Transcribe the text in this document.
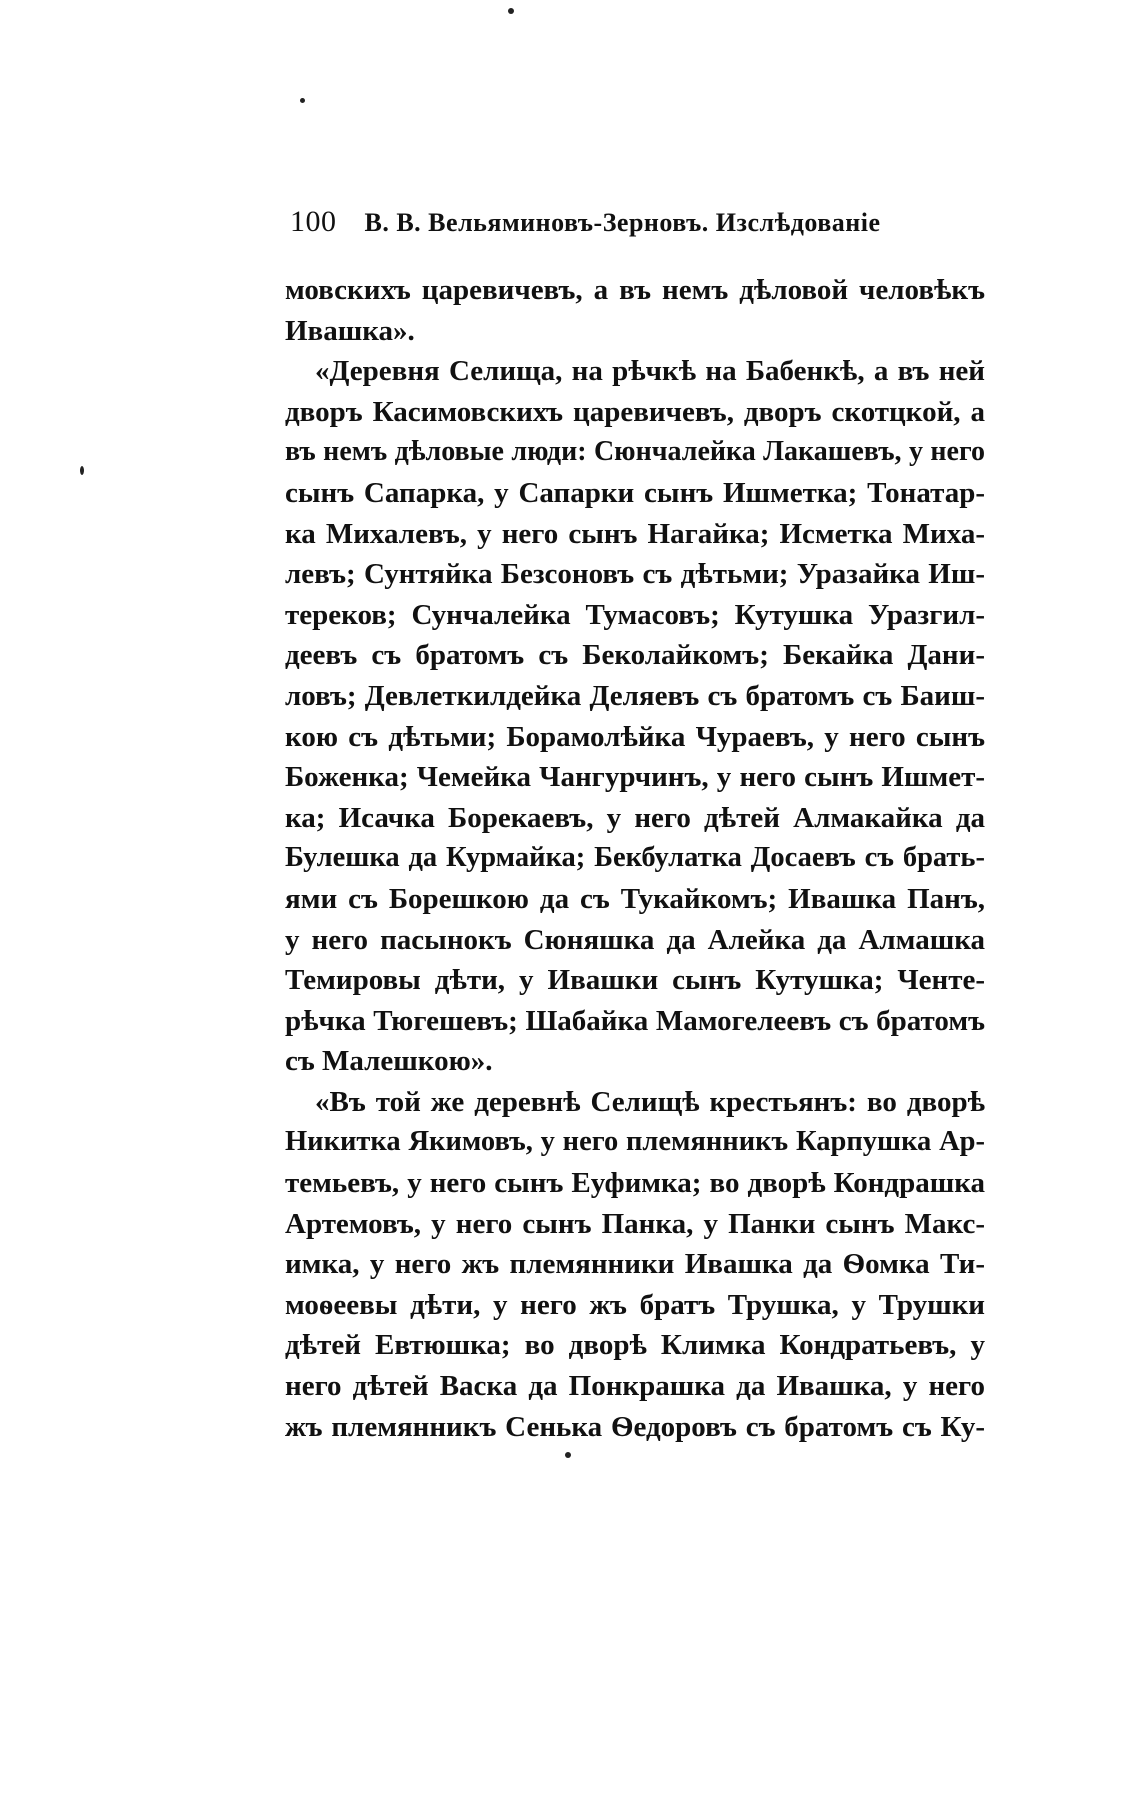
100 В. В. Вельяминовъ-Зерновъ. Изслѣдованіе
мовскихъ царевичевъ, а въ немъ дѣловой человѣкъ
Ивашка».
«Деревня Селища, на рѣчкѣ на Бабенкѣ, а въ ней
дворъ Касимовскихъ царевичевъ, дворъ скотцкой, а
въ немъ дѣловые люди: Сюнчалейка Лакашевъ, у него
сынъ Сапарка, у Сапарки сынъ Ишметка; Тонатар-
ка Михалевъ, у него сынъ Нагайка; Исметка Миха-
левъ; Сунтяйка Безсоновъ съ дѣтьми; Уразайка Иш-
тереков; Сунчалейка Тумасовъ; Кутушка Уразгил-
деевъ съ братомъ съ Беколайкомъ; Бекайка Дани-
ловъ; Девлеткилдейка Деляевъ съ братомъ съ Баиш-
кою съ дѣтьми; Борамолѣйка Чураевъ, у него сынъ
Боженка; Чемейка Чангурчинъ, у него сынъ Ишмет-
ка; Исачка Борекаевъ, у него дѣтей Алмакайка да
Булешка да Курмайка; Бекбулатка Досаевъ съ брать-
ями съ Борешкою да съ Тукайкомъ; Ивашка Панъ,
у него пасынокъ Сюняшка да Алейка да Алмашка
Темировы дѣти, у Ивашки сынъ Кутушка; Ченте-
рѣчка Тюгешевъ; Шабайка Мамогелеевъ съ братомъ
съ Малешкою».
«Въ той же деревнѣ Селищѣ крестьянъ: во дворѣ
Никитка Якимовъ, у него племянникъ Карпушка Ар-
темьевъ, у него сынъ Еуфимка; во дворѣ Кондрашка
Артемовъ, у него сынъ Панка, у Панки сынъ Макс-
имка, у него жъ племянники Ивашка да Ѳомка Ти-
моѳеевы дѣти, у него жъ братъ Трушка, у Трушки
дѣтей Евтюшка; во дворѣ Климка Кондратьевъ, у
него дѣтей Васка да Понкрашка да Ивашка, у него
жъ племянникъ Сенька Ѳедоровъ съ братомъ съ Ку-
